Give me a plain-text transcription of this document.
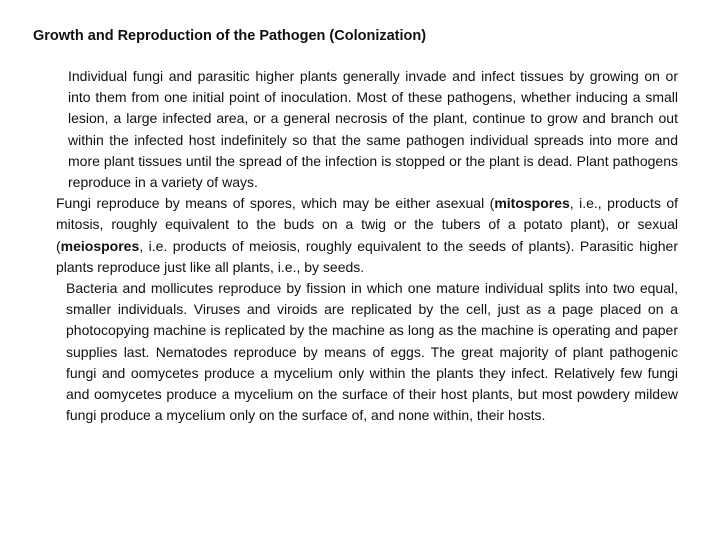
Growth and Reproduction of the Pathogen (Colonization)
Individual fungi and parasitic higher plants generally invade and infect tissues by growing on or into them from one initial point of inoculation. Most of these pathogens, whether inducing a small lesion, a large infected area, or a general necrosis of the plant, continue to grow and branch out within the infected host indefinitely so that the same pathogen individual spreads into more and more plant tissues until the spread of the infection is stopped or the plant is dead. Plant pathogens reproduce in a variety of ways.
Fungi reproduce by means of spores, which may be either asexual (mitospores, i.e., products of mitosis, roughly equivalent to the buds on a twig or the tubers of a potato plant), or sexual (meiospores, i.e. products of meiosis, roughly equivalent to the seeds of plants). Parasitic higher plants reproduce just like all plants, i.e., by seeds.
Bacteria and mollicutes reproduce by fission in which one mature individual splits into two equal, smaller individuals. Viruses and viroids are replicated by the cell, just as a page placed on a photocopying machine is replicated by the machine as long as the machine is operating and paper supplies last. Nematodes reproduce by means of eggs. The great majority of plant pathogenic fungi and oomycetes produce a mycelium only within the plants they infect. Relatively few fungi and oomycetes produce a mycelium on the surface of their host plants, but most powdery mildew fungi produce a mycelium only on the surface of, and none within, their hosts.
